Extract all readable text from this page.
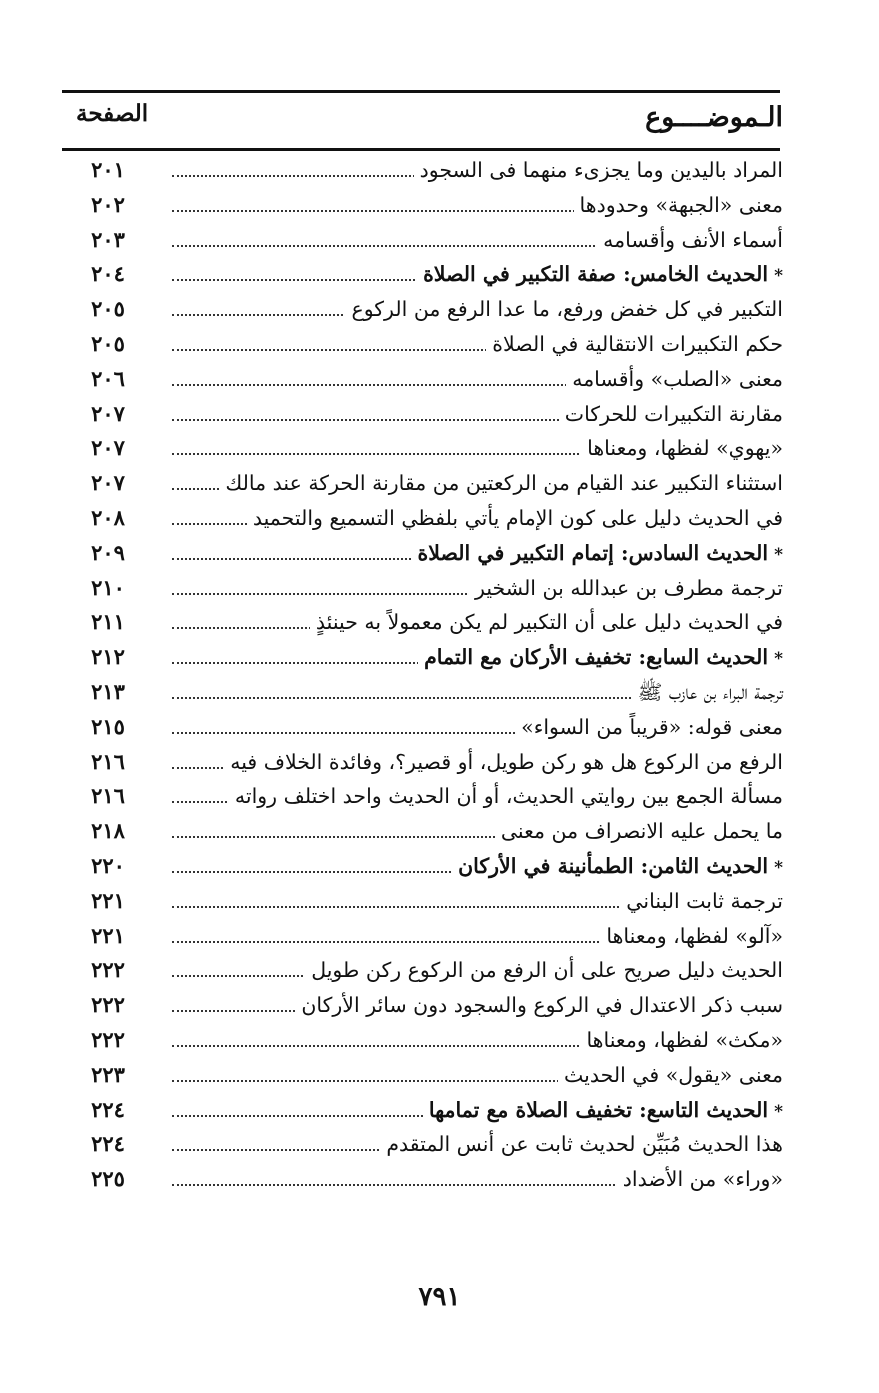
الـموضــــوع
الصفحة
المراد باليدين وما يجزىء منهما فى السجود
٢٠١
معنى «الجبهة» وحدودها
٢٠٢
أسماء الأنف وأقسامه
٢٠٣
*الحديث الخامس: صفة التكبير في الصلاة
٢٠٤
التكبير في كل خفض ورفع، ما عدا الرفع من الركوع
٢٠٥
حكم التكبيرات الانتقالية في الصلاة
٢٠٥
معنى «الصلب» وأقسامه
٢٠٦
مقارنة التكبيرات للحركات
٢٠٧
«يهوي» لفظها، ومعناها
٢٠٧
استثناء التكبير عند القيام من الركعتين من مقارنة الحركة عند مالك
٢٠٧
في الحديث دليل على كون الإمام يأتي بلفظي التسميع والتحميد
٢٠٨
*الحديث السادس: إتمام التكبير في الصلاة
٢٠٩
ترجمة مطرف بن عبدالله بن الشخير
٢١٠
في الحديث دليل على أن التكبير لم يكن معمولاً به حينئذٍ
٢١١
*الحديث السابع: تخفيف الأركان مع التمام
٢١٢
ترجمة البراء بن عازب ﷺ
٢١٣
معنى قوله: «قريباً من السواء»
٢١٥
الرفع من الركوع هل هو ركن طويل، أو قصير؟، وفائدة الخلاف فيه
٢١٦
مسألة الجمع بين روايتي الحديث، أو أن الحديث واحد اختلف رواته
٢١٦
ما يحمل عليه الانصراف من معنى
٢١٨
*الحديث الثامن: الطمأنينة في الأركان
٢٢٠
ترجمة ثابت البناني
٢٢١
«آلو» لفظها، ومعناها
٢٢١
الحديث دليل صريح على أن الرفع من الركوع ركن طويل
٢٢٢
سبب ذكر الاعتدال في الركوع والسجود دون سائر الأركان
٢٢٢
«مكث» لفظها، ومعناها
٢٢٢
معنى «يقول» في الحديث
٢٢٣
*الحديث التاسع: تخفيف الصلاة مع تمامها
٢٢٤
هذا الحديث مُبَيِّن لحديث ثابت عن أنس المتقدم
٢٢٤
«وراء» من الأضداد
٢٢٥
٧٩١
